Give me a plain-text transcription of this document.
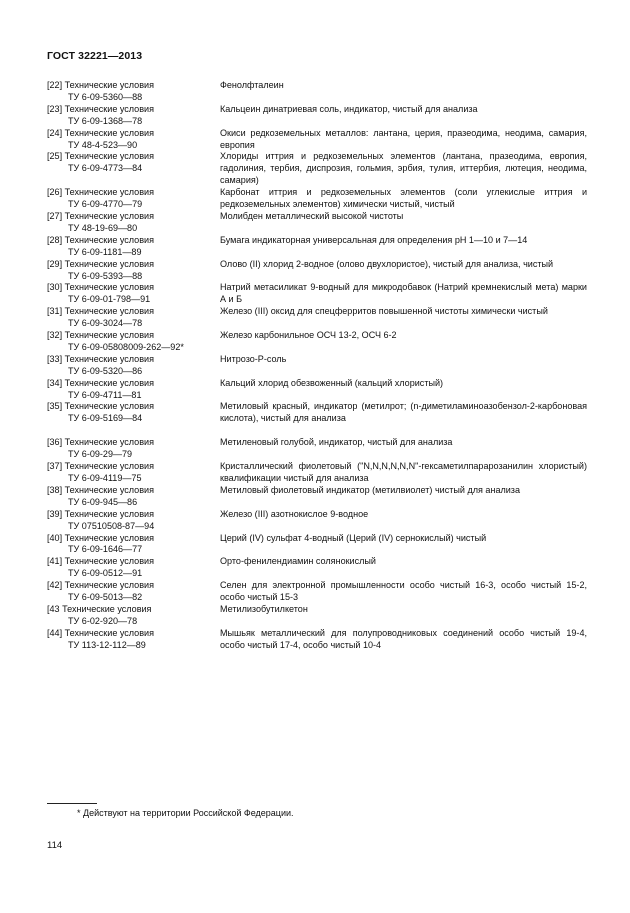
ГОСТ 32221—2013
[22] Технические условия
ТУ 6-09-5360—88
Фенолфталеин
[23] Технические условия
ТУ 6-09-1368—78
Кальцеин динатриевая соль, индикатор, чистый для анализа
[24] Технические условия
ТУ 48-4-523—90
Окиси редкоземельных металлов: лантана, церия, празеодима, неодима, самария, европия
[25] Технические условия
ТУ 6-09-4773—84
Хлориды иттрия и редкоземельных элементов (лантана, празеодима, европия, гадолиния, тербия, диспрозия, гольмия, эрбия, тулия, иттербия, лютеция, неодима, самария)
[26] Технические условия
ТУ 6-09-4770—79
Карбонат иттрия и редкоземельных элементов (соли углекислые иттрия и редкоземельных элементов) химически чистый, чистый
[27] Технические условия
ТУ 48-19-69—80
Молибден металлический высокой чистоты
[28] Технические условия
ТУ 6-09-1181—89
Бумага индикаторная универсальная для определения рН 1—10 и 7—14
[29] Технические условия
ТУ 6-09-5393—88
Олово (II) хлорид 2-водное (олово двухлористое), чистый для анализа, чистый
[30] Технические условия
ТУ 6-09-01-798—91
Натрий метасиликат 9-водный для микродобавок (Натрий кремнекислый мета) марки А и Б
[31] Технические условия
ТУ 6-09-3024—78
Железо (III) оксид для спецферритов повышенной чистоты химически чистый
[32] Технические условия
ТУ 6-09-05808009-262—92*
Железо карбонильное ОСЧ 13-2, ОСЧ 6-2
[33] Технические условия
ТУ 6-09-5320—86
Нитрозо-Р-соль
[34] Технические условия
ТУ 6-09-4711—81
Кальций хлорид обезвоженный (кальций хлористый)
[35] Технические условия
ТУ 6-09-5169—84
Метиловый красный, индикатор (метилрот; (n-диметиламиноазобензол-2-карбоновая кислота), чистый для анализа
[36] Технические условия
ТУ 6-09-29—79
Метиленовый голубой, индикатор, чистый для анализа
[37] Технические условия
ТУ 6-09-4119—75
Кристаллический фиолетовый ("N,N,N,N,N,N"-гексаметилпарарозанилин хлористый) квалификации чистый для анализа
[38] Технические условия
ТУ 6-09-945—86
Метиловый фиолетовый индикатор (метилвиолет) чистый для анализа
[39] Технические условия
ТУ 07510508-87—94
Железо (III) азотнокислое 9-водное
[40] Технические условия
ТУ 6-09-1646—77
Церий (IV) сульфат 4-водный (Церий (IV) сернокислый) чистый
[41] Технические условия
ТУ 6-09-0512—91
Орто-фенилендиамин солянокислый
[42] Технические условия
ТУ 6-09-5013—82
Селен для электронной промышленности особо чистый 16-3, особо чистый 15-2, особо чистый 15-3
[43 Технические условия
ТУ 6-02-920—78
Метилизобутилкетон
[44] Технические условия
ТУ 113-12-112—89
Мышьяк металлический для полупроводниковых соединений особо чистый 19-4, особо чистый 17-4, особо чистый 10-4
* Действуют на территории Российской Федерации.
114
